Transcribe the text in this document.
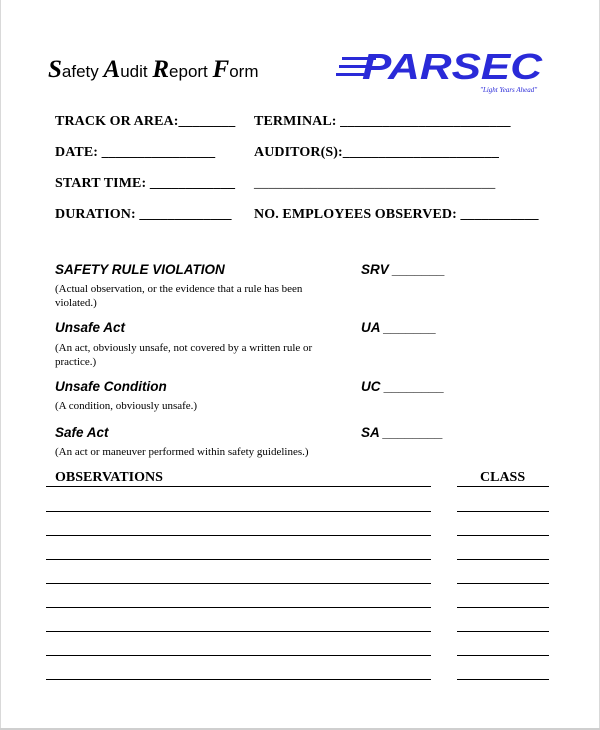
Safety Audit Report Form	PARSEC
"Light Years Ahead"
TRACK OR AREA:________ TERMINAL: ________________________
DATE: ________________	AUDITOR(S):______________________
START TIME: ____________ __________________________________
DURATION: _____________ NO. EMPLOYEES OBSERVED: ___________
SAFETY RULE VIOLATION
(Actual observation, or the evidence that a rule has been violated.)
SRV _______
Unsafe Act
(An act, obviously unsafe, not covered by a written rule or practice.)
UA _______
Unsafe Condition
(A condition, obviously unsafe.)
UC ________
Safe Act
(An act or maneuver performed within safety guidelines.)
SA ________
OBSERVATIONS	CLASS
